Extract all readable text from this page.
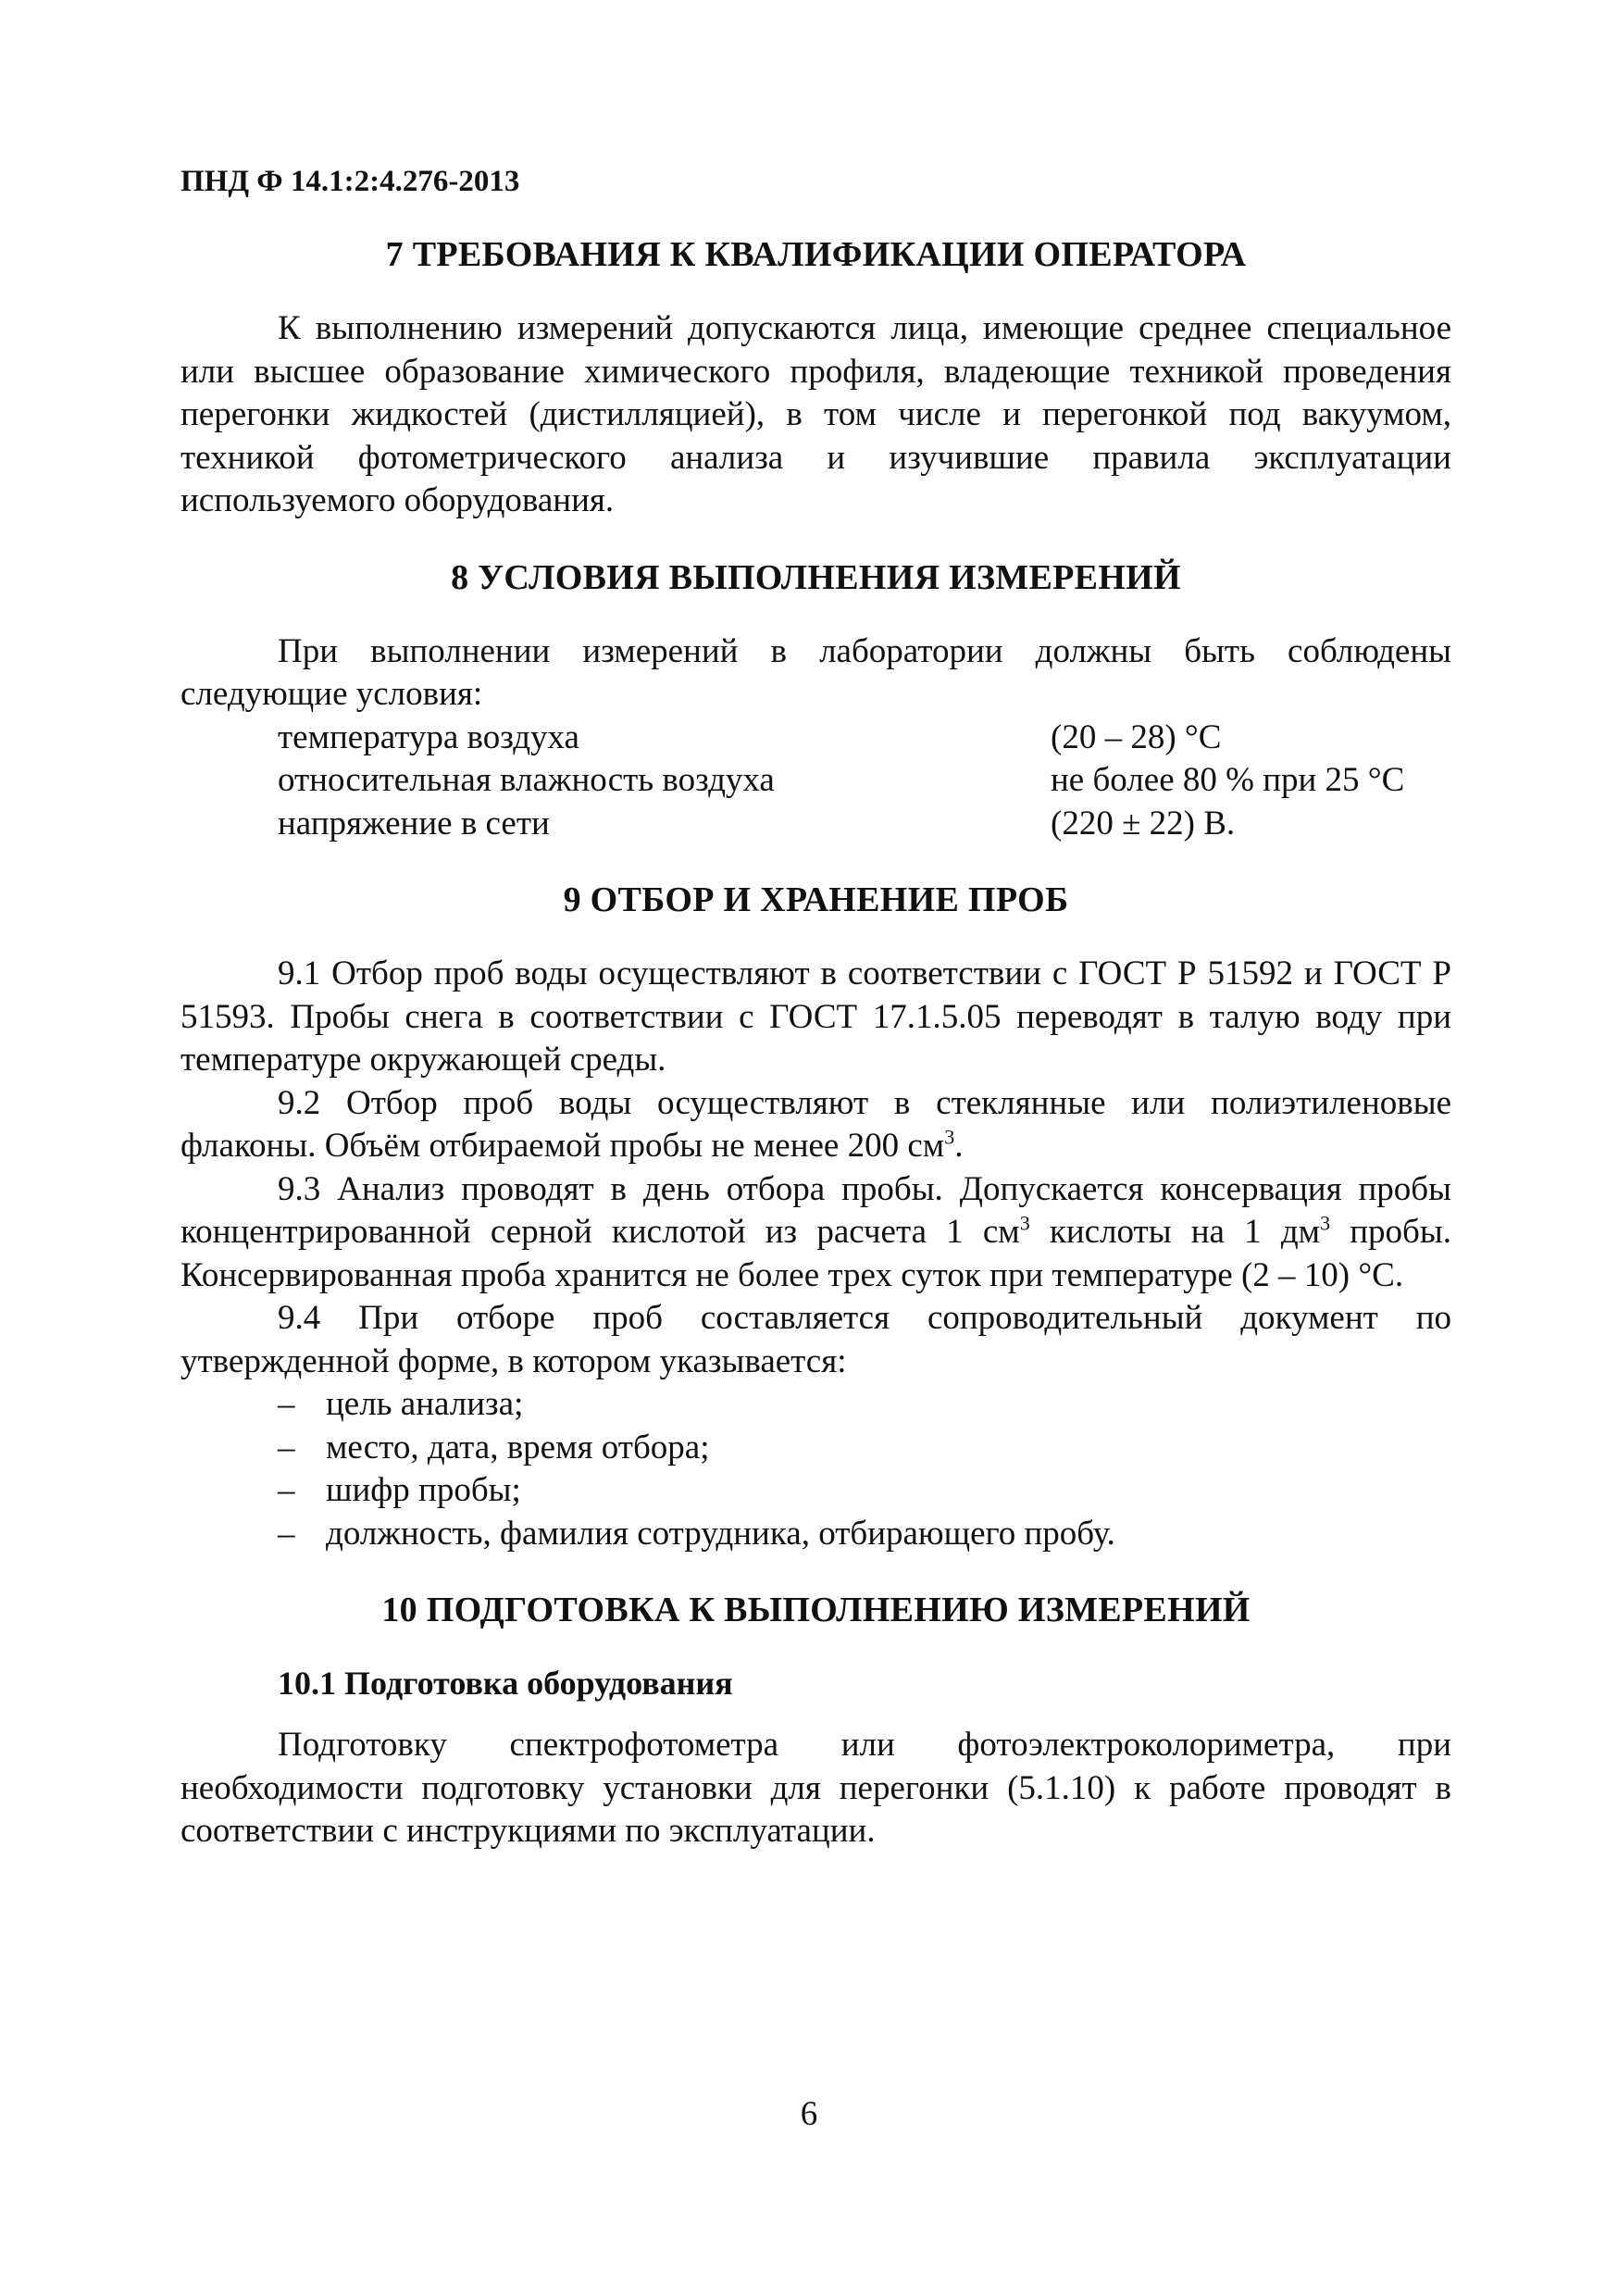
ПНД Ф 14.1:2:4.276-2013
7 ТРЕБОВАНИЯ К КВАЛИФИКАЦИИ ОПЕРАТОРА

К выполнению измерений допускаются лица, имеющие среднее специальное или высшее образование химического профиля, владеющие техникой проведения перегонки жидкостей (дистилляцией), в том числе и перегонкой под вакуумом, техникой фотометрического анализа и изучившие правила эксплуатации используемого оборудования.

8 УСЛОВИЯ ВЫПОЛНЕНИЯ ИЗМЕРЕНИЙ

При выполнении измерений в лаборатории должны быть соблюдены следующие условия:

температура воздуха	(20 – 28) °С
относительная влажность воздуха	не более 80 % при 25 °С
напряжение в сети	(220 ± 22) В.
9 ОТБОР И ХРАНЕНИЕ ПРОБ

9.1 Отбор проб воды осуществляют в соответствии с ГОСТ Р 51592 и ГОСТ Р 51593. Пробы снега в соответствии с ГОСТ 17.1.5.05 переводят в талую воду при температуре окружающей среды.

9.2 Отбор проб воды осуществляют в стеклянные или полиэтиленовые флаконы. Объём отбираемой пробы не менее 200 $см^3$.

9.3 Анализ проводят в день отбора пробы. Допускается консервация пробы концентрированной серной кислотой из расчета 1 $см^3$ кислоты на 1 $дм^3$ пробы. Консервированная проба хранится не более трех суток при температуре (2 – 10) °С.

9.4 При отборе проб составляется сопроводительный документ по утвержденной форме, в котором указывается:

– цель анализа;
– место, дата, время отбора;
– шифр пробы;
– должность, фамилия сотрудника, отбирающего пробу.
10 ПОДГОТОВКА К ВЫПОЛНЕНИЮ ИЗМЕРЕНИЙ
10.1 Подготовка оборудования

Подготовку спектрофотометра или фотоэлектроколориметра, при необходимости подготовку установки для перегонки (5.1.10) к работе проводят в соответствии с инструкциями по эксплуатации.

6
